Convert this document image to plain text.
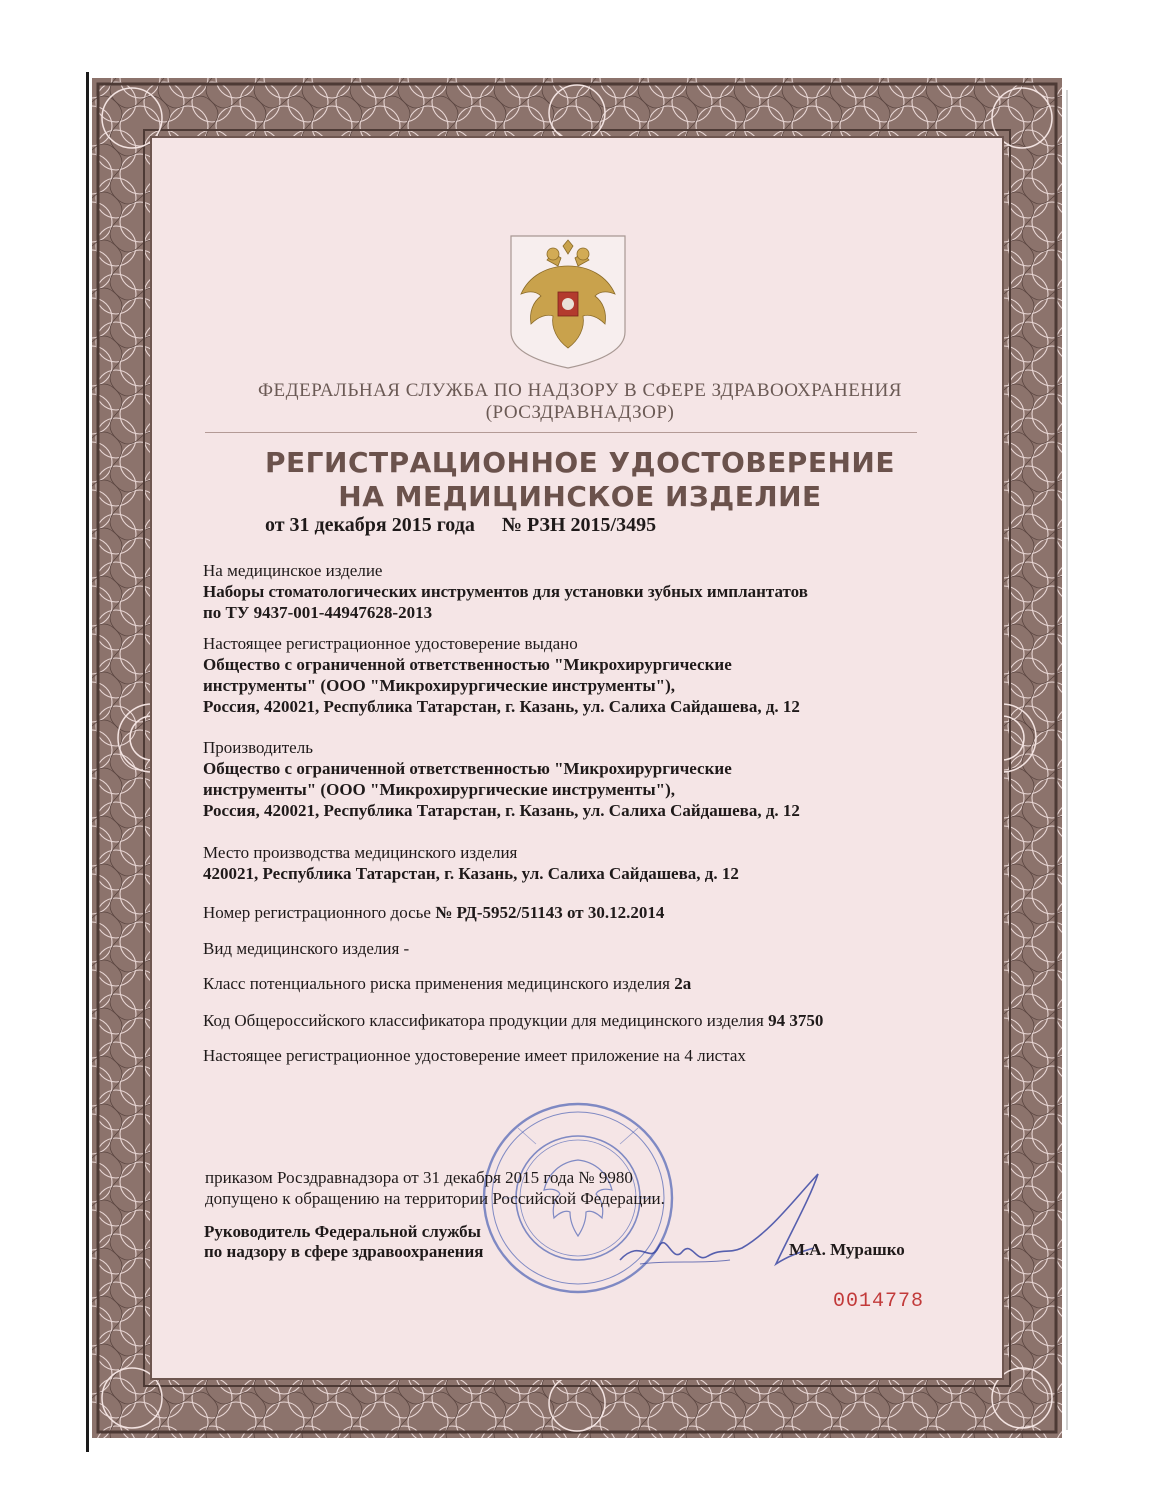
ФЕДЕРАЛЬНАЯ СЛУЖБА ПО НАДЗОРУ В СФЕРЕ ЗДРАВООХРАНЕНИЯ
(РОСЗДРАВНАДЗОР)
РЕГИСТРАЦИОННОЕ УДОСТОВЕРЕНИЕ
НА МЕДИЦИНСКОЕ ИЗДЕЛИЕ
от 31 декабря 2015 года № РЗН 2015/3495
На медицинское изделие
Наборы стоматологических инструментов для установки зубных имплантатов
по ТУ 9437-001-44947628-2013
Настоящее регистрационное удостоверение выдано
Общество с ограниченной ответственностью "Микрохирургические
инструменты" (ООО "Микрохирургические инструменты"),
Россия, 420021, Республика Татарстан, г. Казань, ул. Салиха Сайдашева, д. 12
Производитель
Общество с ограниченной ответственностью "Микрохирургические
инструменты" (ООО "Микрохирургические инструменты"),
Россия, 420021, Республика Татарстан, г. Казань, ул. Салиха Сайдашева, д. 12
Место производства медицинского изделия
420021, Республика Татарстан, г. Казань, ул. Салиха Сайдашева, д. 12
Номер регистрационного досье № РД-5952/51143 от 30.12.2014
Вид медицинского изделия -
Класс потенциального риска применения медицинского изделия 2а
Код Общероссийского классификатора продукции для медицинского изделия 94 3750
Настоящее регистрационное удостоверение имеет приложение на 4 листах
приказом Росздравнадзора от 31 декабря 2015 года № 9980
допущено к обращению на территории Российской Федерации.
Руководитель Федеральной службы
по надзору в сфере здравоохранения	М.А. Мурашко
0014778
